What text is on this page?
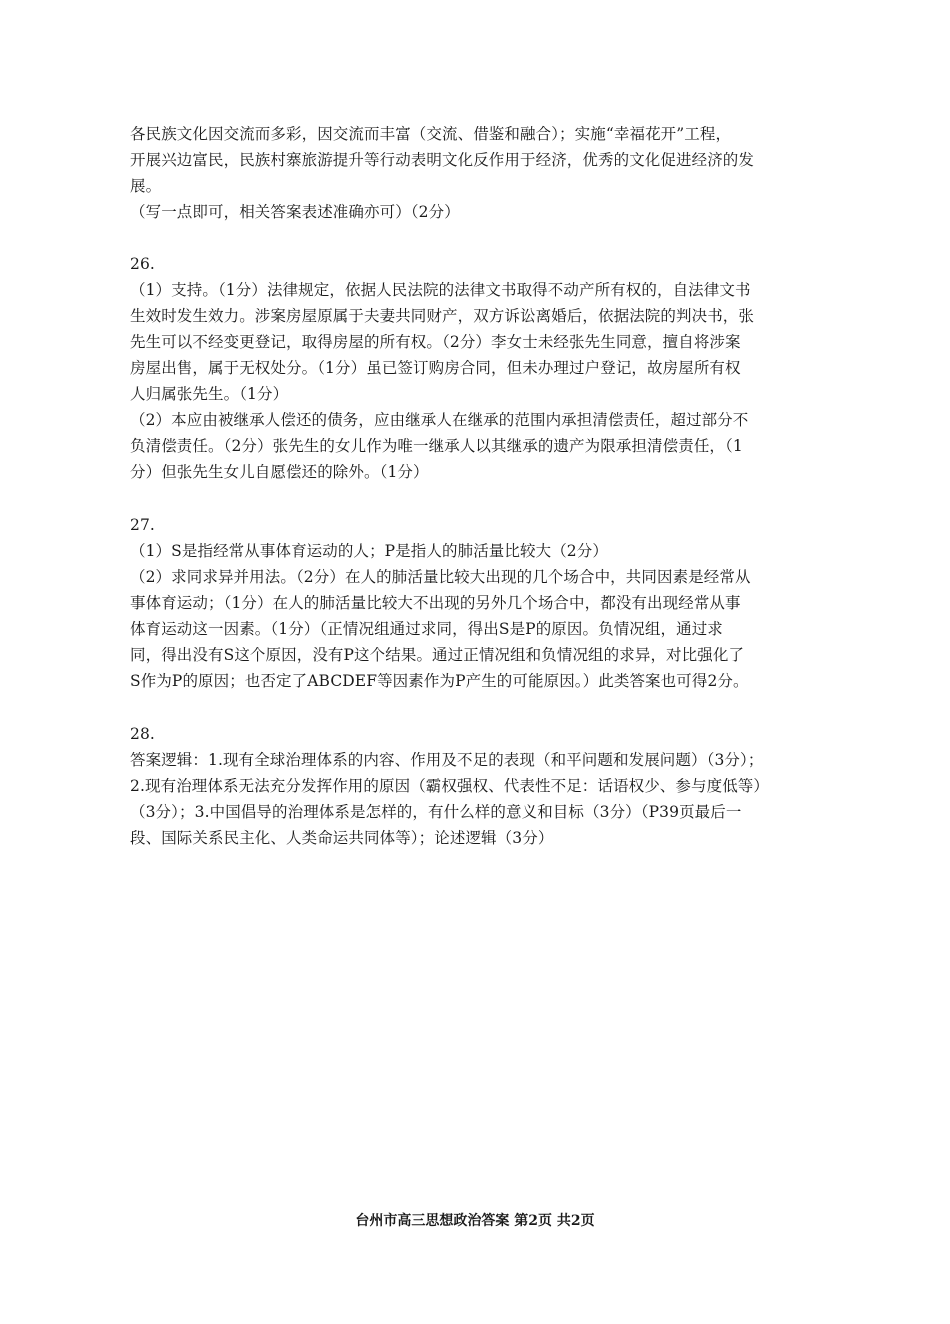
各民族文化因交流而多彩，因交流而丰富（交流、借鉴和融合）；实施“幸福花开”工程，
开展兴边富民，民族村寨旅游提升等行动表明文化反作用于经济，优秀的文化促进经济的发
展。
（写一点即可，相关答案表述准确亦可）（2分）
26.
（1）支持。（1分）法律规定，依据人民法院的法律文书取得不动产所有权的，自法律文书
生效时发生效力。涉案房屋原属于夫妻共同财产，双方诉讼离婚后，依据法院的判决书，张
先生可以不经变更登记，取得房屋的所有权。（2分）李女士未经张先生同意，擅自将涉案
房屋出售，属于无权处分。（1分）虽已签订购房合同，但未办理过户登记，故房屋所有权
人归属张先生。（1分）
（2）本应由被继承人偿还的债务，应由继承人在继承的范围内承担清偿责任，超过部分不
负清偿责任。（2分）张先生的女儿作为唯一继承人以其继承的遗产为限承担清偿责任，（1
分）但张先生女儿自愿偿还的除外。（1分）
27.
（1）S是指经常从事体育运动的人；P是指人的肺活量比较大（2分）
（2）求同求异并用法。（2分）在人的肺活量比较大出现的几个场合中，共同因素是经常从
事体育运动；（1分）在人的肺活量比较大不出现的另外几个场合中，都没有出现经常从事
体育运动这一因素。（1分）（正情况组通过求同，得出S是P的原因。负情况组，通过求
同，得出没有S这个原因，没有P这个结果。通过正情况组和负情况组的求异，对比强化了
S作为P的原因；也否定了ABCDEF等因素作为P产生的可能原因。）此类答案也可得2分。
28.
答案逻辑：1.现有全球治理体系的内容、作用及不足的表现（和平问题和发展问题）（3分）；
2.现有治理体系无法充分发挥作用的原因（霸权强权、代表性不足：话语权少、参与度低等）
（3分）；3.中国倡导的治理体系是怎样的，有什么样的意义和目标（3分）（P39页最后一
段、国际关系民主化、人类命运共同体等）；论述逻辑（3分）
台州市高三思想政治答案 第2页 共2页
